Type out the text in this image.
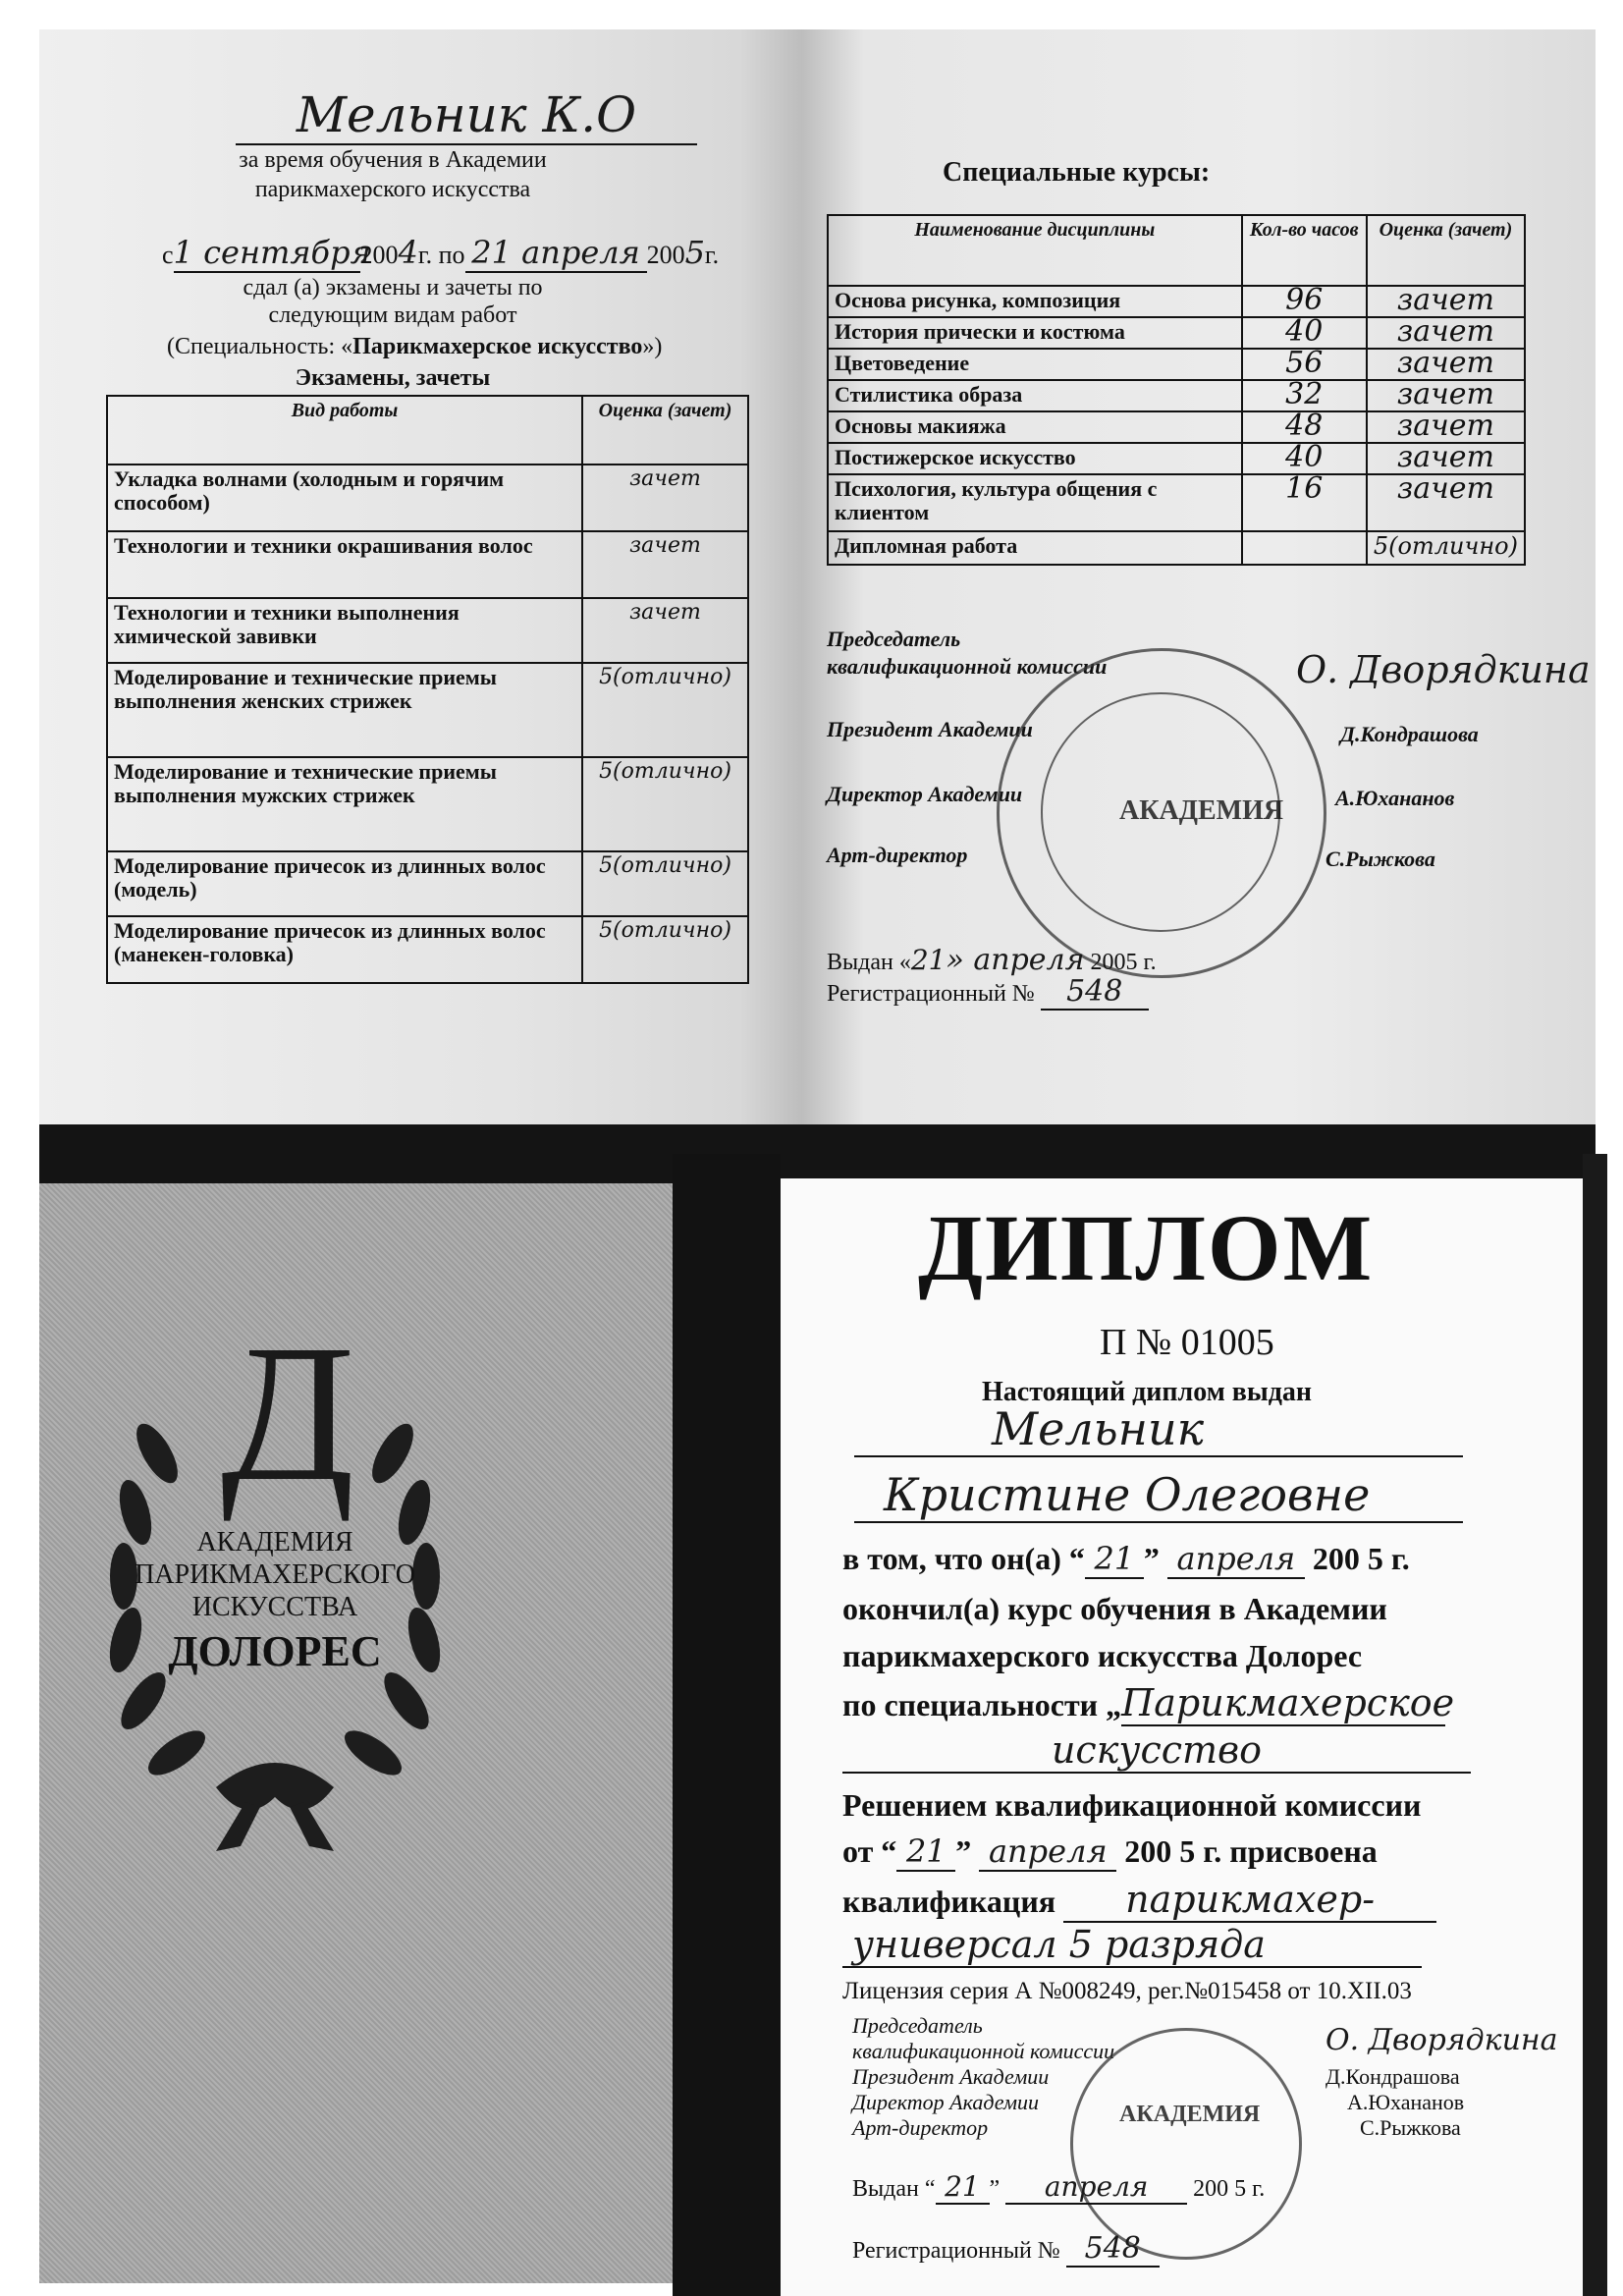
Мельник К.О
за время обучения в Академии
парикмахерского искусства
с1 сентября2004г. по 21 апреля 2005г.
сдал (а) экзамены и зачеты по
следующим видам работ
(Специальность: «Парикмахерское искусство»)
Экзамены, зачеты
Вид работы	Оценка (зачет)
Укладка волнами (холодным и горячим способом)	зачет
Технологии и техники окрашивания волос	зачет
Технологии и техники выполнения химической завивки	зачет
Моделирование и технические приемы выполнения женских стрижек	5(отлично)
Моделирование и технические приемы выполнения мужских стрижек	5(отлично)
Моделирование причесок из длинных волос (модель)	5(отлично)
Моделирование причесок из длинных волос (манекен-головка)	5(отлично)
Специальные курсы:
Наименование дисциплины	Кол-во часов	Оценка (зачет)
Основа рисунка, композиция	96	зачет
История прически и костюма	40	зачет
Цветоведение	56	зачет
Стилистика образа	32	зачет
Основы макияжа	48	зачет
Постижерское искусство	40	зачет
Психология, культура общения с клиентом	16	зачет
Дипломная работа		5(отлично)
Председатель
квалификационной комиссии	О. Дворядкина
Президент Академии	Д.Кондрашова
Директор Академии	А.Юхананов
Арт-директор	С.Рыжкова
АКАДЕМИЯ
Выдан «21» апреля 2005 г.
Регистрационный № 548
Д
АКАДЕМИЯ
ПАРИКМАХЕРСКОГО
ИСКУССТВА
ДОЛОРЕС
ДИПЛОМ
П № 01005
Настоящий диплом выдан
Мельник
Кристине Олеговне
в том, что он(а) “ 21 ” апреля 200 5 г.
окончил(а) курс обучения в Академии
парикмахерского искусства Долорес
по специальности „Парикмахерское
искусство
Решением квалификационной комиссии
от “ 21 ” апреля 200 5 г. присвоена
квалификация парикмахер-
универсал 5 разряда
Лицензия серия А №008249, рег.№015458 от 10.XII.03
Председатель
квалификационной комиссии	О. Дворядкина
Президент Академии	Д.Кондрашова
Директор Академии	А.Юхананов
Арт-директор	С.Рыжкова
АКАДЕМИЯ
Выдан “ 21 ” апреля 200 5 г.
Регистрационный № 548
